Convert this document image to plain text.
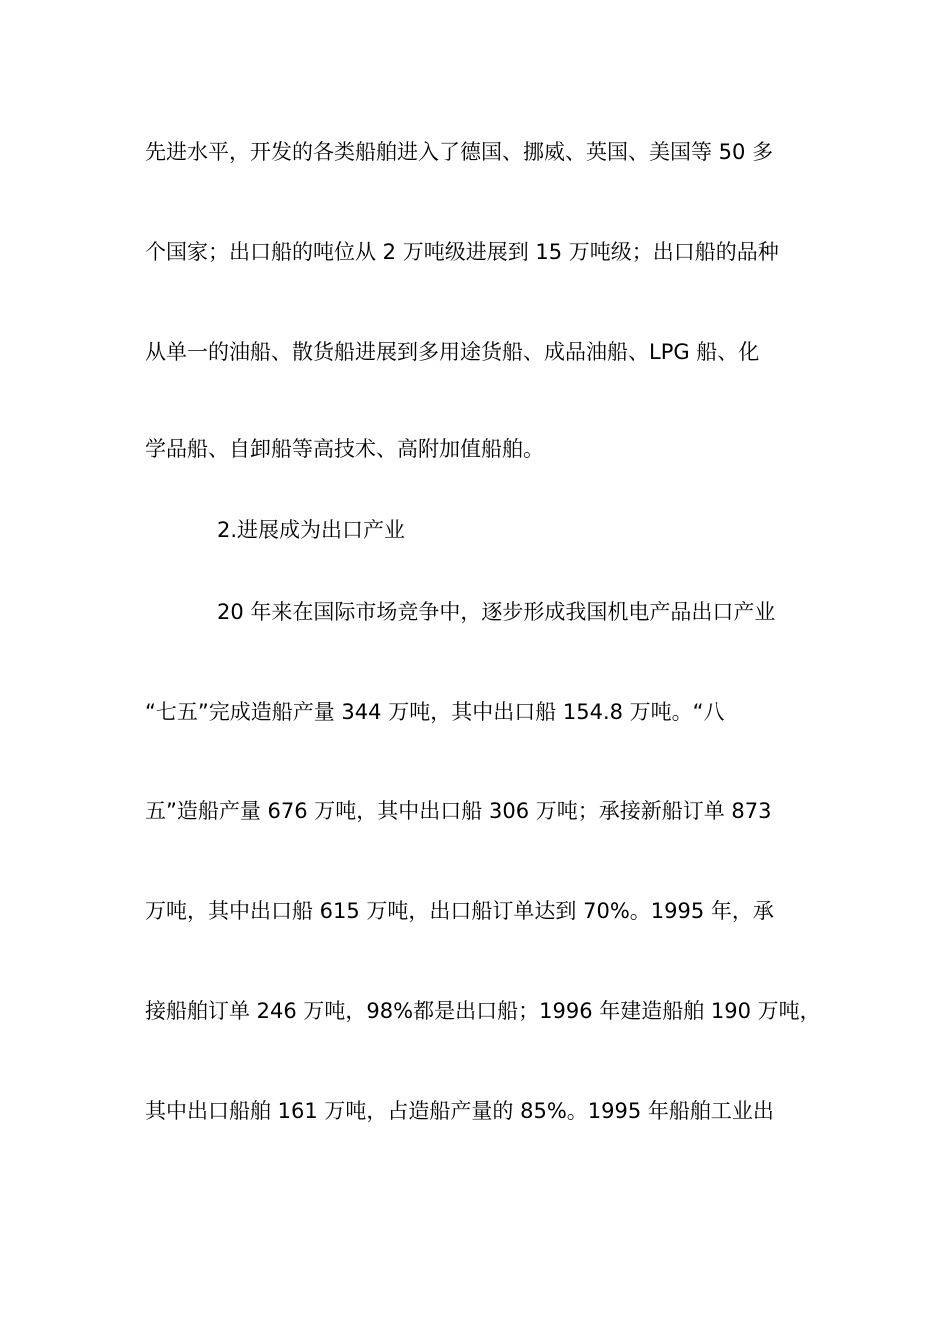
先进水平，开发的各类船舶进入了德国、挪威、英国、美国等 50 多
个国家；出口船的吨位从 2 万吨级进展到 15 万吨级；出口船的品种
从单一的油船、散货船进展到多用途货船、成品油船、LPG 船、化
学品船、自卸船等高技术、高附加值船舶。
2.进展成为出口产业
20 年来在国际市场竞争中，逐步形成我国机电产品出口产业
“七五”完成造船产量 344 万吨，其中出口船 154.8 万吨。“八
五”造船产量 676 万吨，其中出口船 306 万吨；承接新船订单 873
万吨，其中出口船 615 万吨，出口船订单达到 70%。1995 年，承
接船舶订单 246 万吨，98%都是出口船；1996 年建造船舶 190 万吨，
其中出口船舶 161 万吨，占造船产量的 85%。1995 年船舶工业出
